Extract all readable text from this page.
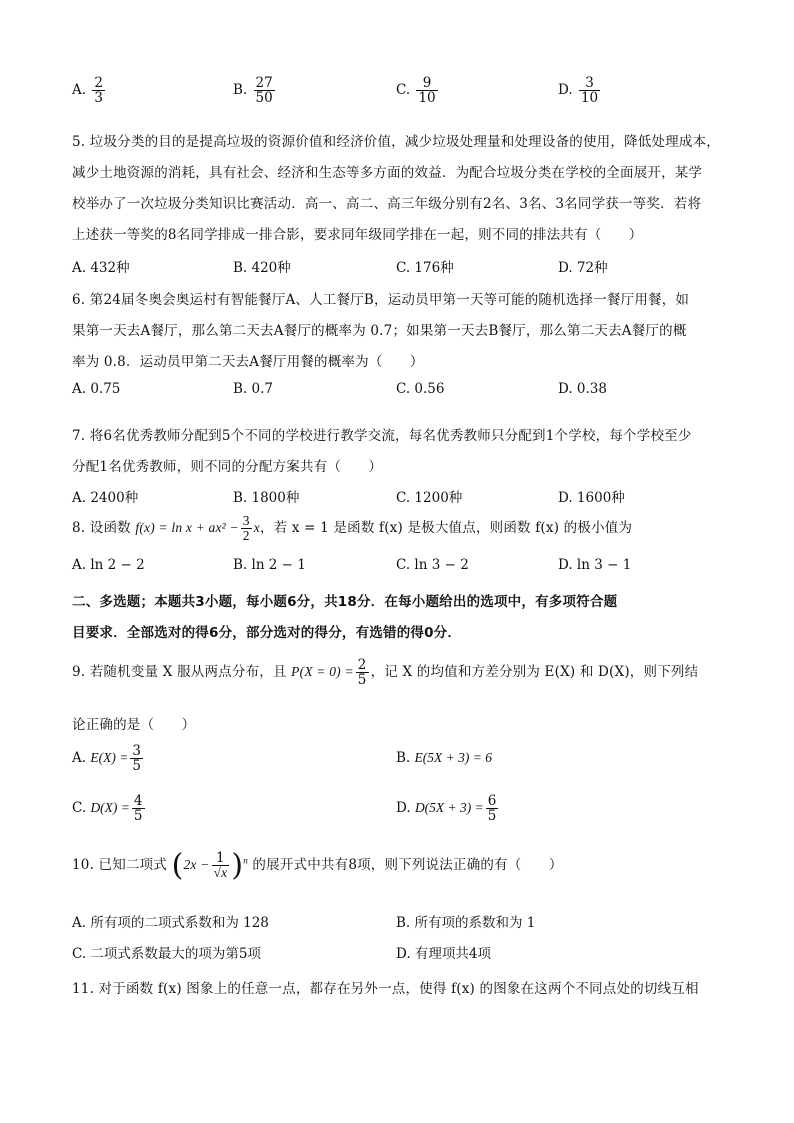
A. $\frac{2}{3}$	B. $\frac{27}{50}$	C. $\frac{9}{10}$	D. $\frac{3}{10}$
5. 垃圾分类的目的是提高垃圾的资源价值和经济价值，减少垃圾处理量和处理设备的使用，降低处理成本，
减少土地资源的消耗，具有社会、经济和生态等多方面的效益．为配合垃圾分类在学校的全面展开，某学
校举办了一次垃圾分类知识比赛活动．高一、高二、高三年级分别有2名、3名、3名同学获一等奖．若将
上述获一等奖的8名同学排成一排合影，要求同年级同学排在一起，则不同的排法共有（　　）
A. 432种	B. 420种	C. 176种	D. 72种
6. 第24届冬奥会奥运村有智能餐厅A、人工餐厅B，运动员甲第一天等可能的随机选择一餐厅用餐，如
果第一天去A餐厅，那么第二天去A餐厅的概率为 0.7；如果第一天去B餐厅，那么第二天去A餐厅的概
率为 0.8．运动员甲第二天去A餐厅用餐的概率为（　　）
A. 0.75	B. 0.7	C. 0.56	D. 0.38
7. 将6名优秀教师分配到5个不同的学校进行教学交流，每名优秀教师只分配到1个学校，每个学校至少
分配1名优秀教师，则不同的分配方案共有（　　）
A. 2400种	B. 1800种	C. 1200种	D. 1600种
8. 设函数 $f(x) = \ln x + ax^2 - \frac{3}{2}$ x，若 x = 1 是函数 f(x) 是极大值点，则函数 f(x) 的极小值为
A. ln 2 − 2	B. ln 2 − 1	C. ln 3 − 2	D. ln 3 − 1
二、多选题；本题共3小题，每小题6分，共18分．在每小题给出的选项中，有多项符合题
目要求．全部选对的得6分，部分选对的得分，有选错的得0分．
9. 若随机变量 X 服从两点分布，且 $P(X = 0) = \frac{2}{5}$ ，记 X 的均值和方差分别为 E(X) 和 D(X)，则下列结
论正确的是（　　）
A. $E(X) = \frac{3}{5}$	B. E(5X + 3) = 6
C. $D(X) = \frac{4}{5}$	D. $D(5X + 3) = \frac{6}{5}$
10. 已知二项式 $(2x - \frac{1}{√x} )^n$ 的展开式中共有8项，则下列说法正确的有（　　）
A. 所有项的二项式系数和为 128	B. 所有项的系数和为 1
C. 二项式系数最大的项为第5项	D. 有理项共4项
11. 对于函数 f(x) 图象上的任意一点，都存在另外一点，使得 f(x) 的图象在这两个不同点处的切线互相
